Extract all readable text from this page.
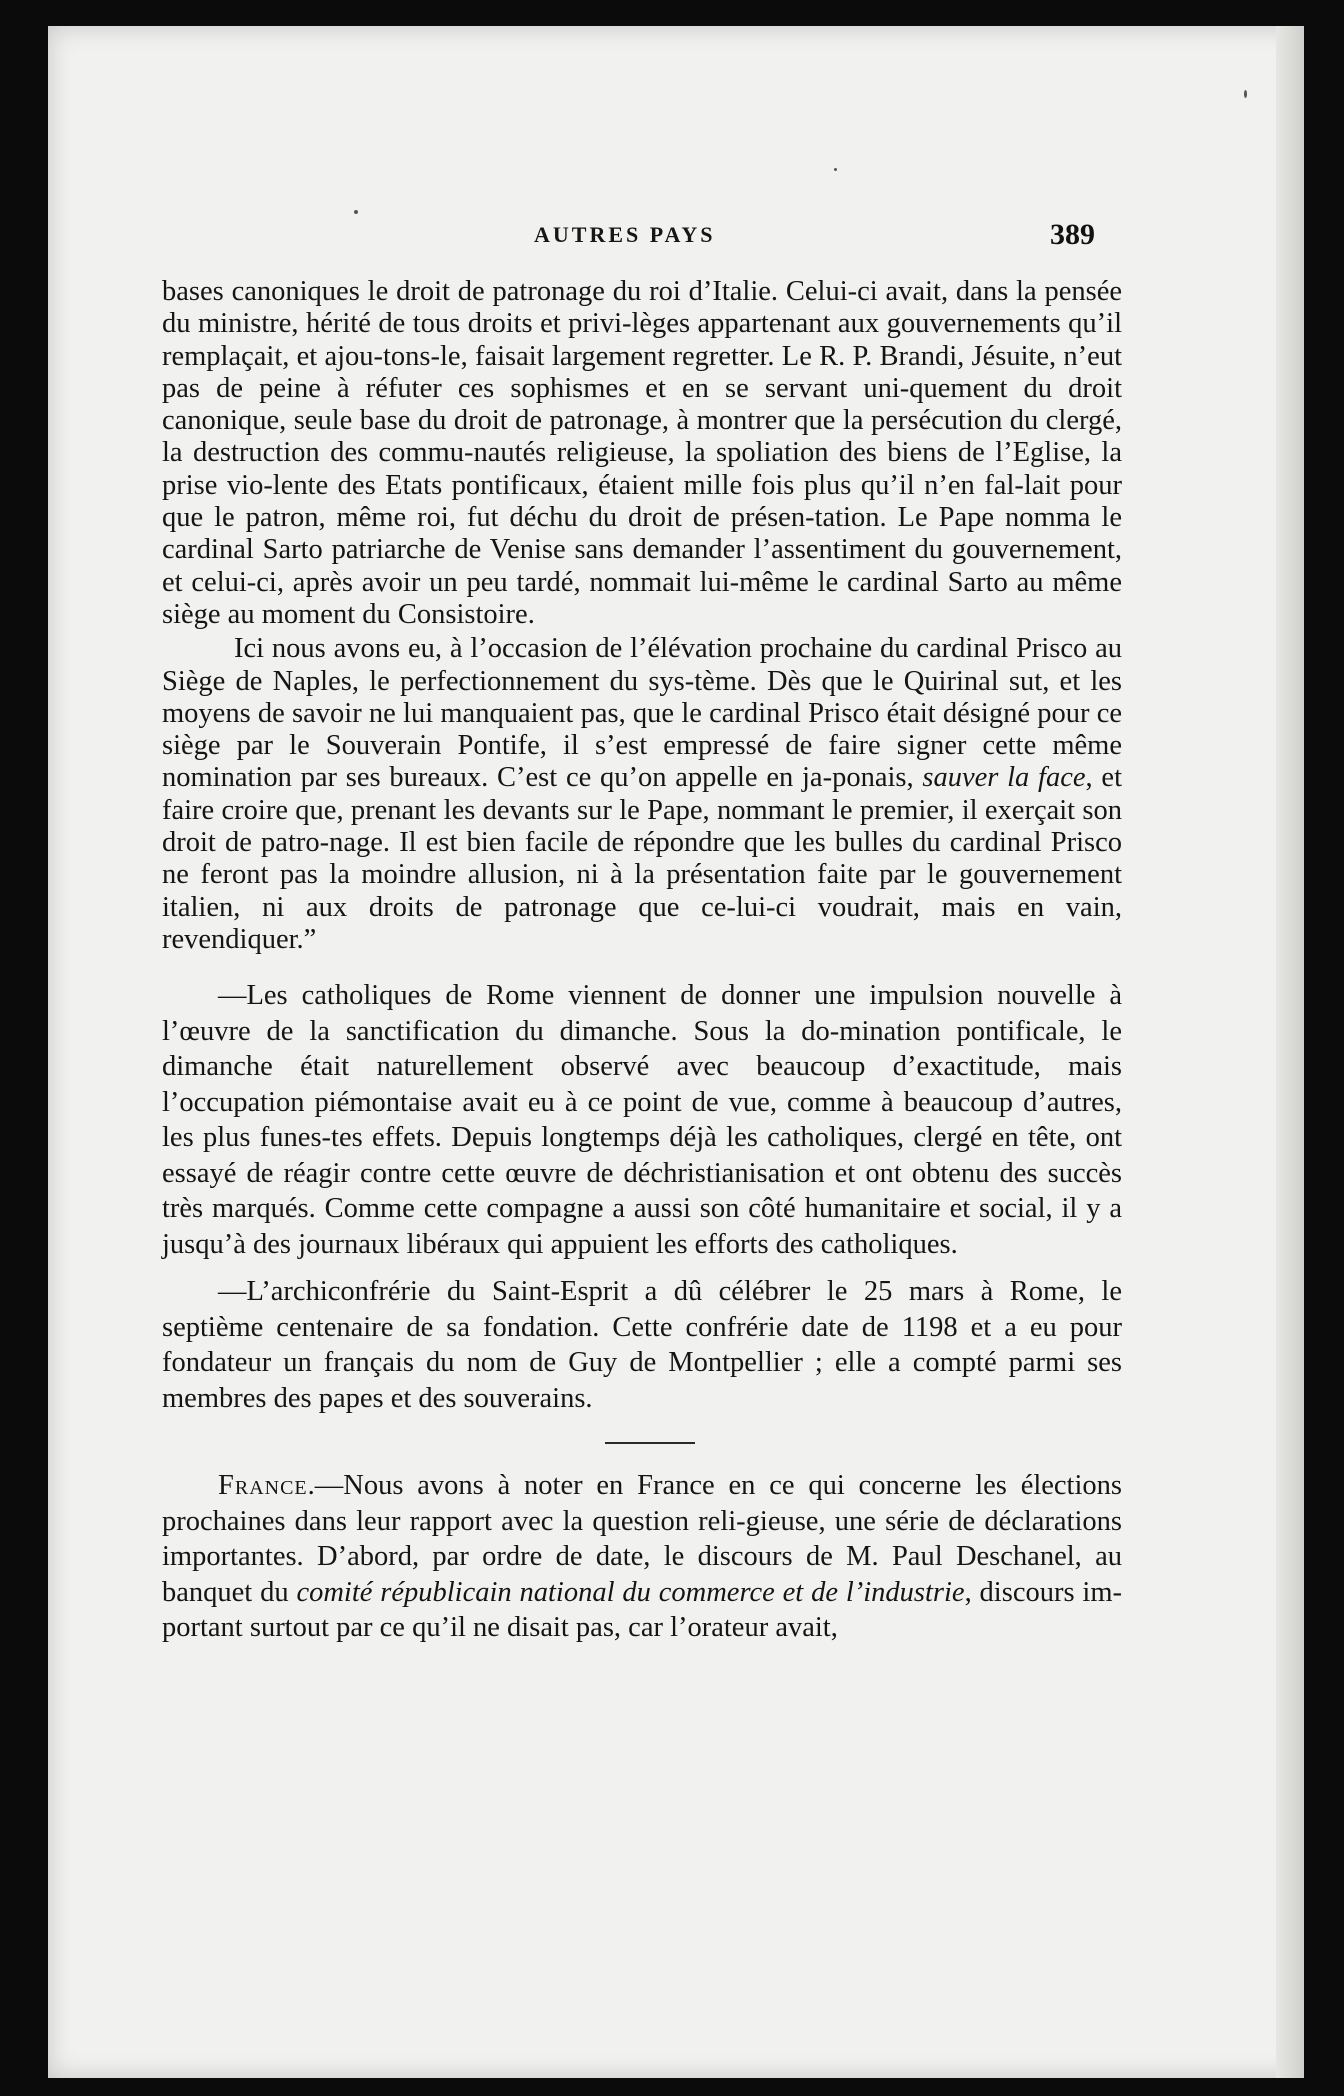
AUTRES PAYS	389

bases canoniques le droit de patronage du roi d’Italie. Celui-ci avait, dans la pensée du ministre, hérité de tous droits et privi-lèges appartenant aux gouvernements qu’il remplaçait, et ajou-tons-le, faisait largement regretter. Le R. P. Brandi, Jésuite, n’eut pas de peine à réfuter ces sophismes et en se servant uni-quement du droit canonique, seule base du droit de patronage, à montrer que la persécution du clergé, la destruction des commu-nautés religieuse, la spoliation des biens de l’Eglise, la prise vio-lente des Etats pontificaux, étaient mille fois plus qu’il n’en fal-lait pour que le patron, même roi, fut déchu du droit de présen-tation. Le Pape nomma le cardinal Sarto patriarche de Venise sans demander l’assentiment du gouvernement, et celui-ci, après avoir un peu tardé, nommait lui-même le cardinal Sarto au même siège au moment du Consistoire.

Ici nous avons eu, à l’occasion de l’élévation prochaine du cardinal Prisco au Siège de Naples, le perfectionnement du sys-tème. Dès que le Quirinal sut, et les moyens de savoir ne lui manquaient pas, que le cardinal Prisco était désigné pour ce siège par le Souverain Pontife, il s’est empressé de faire signer cette même nomination par ses bureaux. C’est ce qu’on appelle en ja-ponais, sauver la face, et faire croire que, prenant les devants sur le Pape, nommant le premier, il exerçait son droit de patro-nage. Il est bien facile de répondre que les bulles du cardinal Prisco ne feront pas la moindre allusion, ni à la présentation faite par le gouvernement italien, ni aux droits de patronage que ce-lui-ci voudrait, mais en vain, revendiquer.”

—Les catholiques de Rome viennent de donner une impulsion nouvelle à l’œuvre de la sanctification du dimanche. Sous la do-mination pontificale, le dimanche était naturellement observé avec beaucoup d’exactitude, mais l’occupation piémontaise avait eu à ce point de vue, comme à beaucoup d’autres, les plus funes-tes effets. Depuis longtemps déjà les catholiques, clergé en tête, ont essayé de réagir contre cette œuvre de déchristianisation et ont obtenu des succès très marqués. Comme cette compagne a aussi son côté humanitaire et social, il y a jusqu’à des journaux libéraux qui appuient les efforts des catholiques.

—L’archiconfrérie du Saint-Esprit a dû célébrer le 25 mars à Rome, le septième centenaire de sa fondation. Cette confrérie date de 1198 et a eu pour fondateur un français du nom de Guy de Montpellier ; elle a compté parmi ses membres des papes et des souverains.

France.—Nous avons à noter en France en ce qui concerne les élections prochaines dans leur rapport avec la question reli-gieuse, une série de déclarations importantes. D’abord, par ordre de date, le discours de M. Paul Deschanel, au banquet du comité républicain national du commerce et de l’industrie, discours im-portant surtout par ce qu’il ne disait pas, car l’orateur avait,
